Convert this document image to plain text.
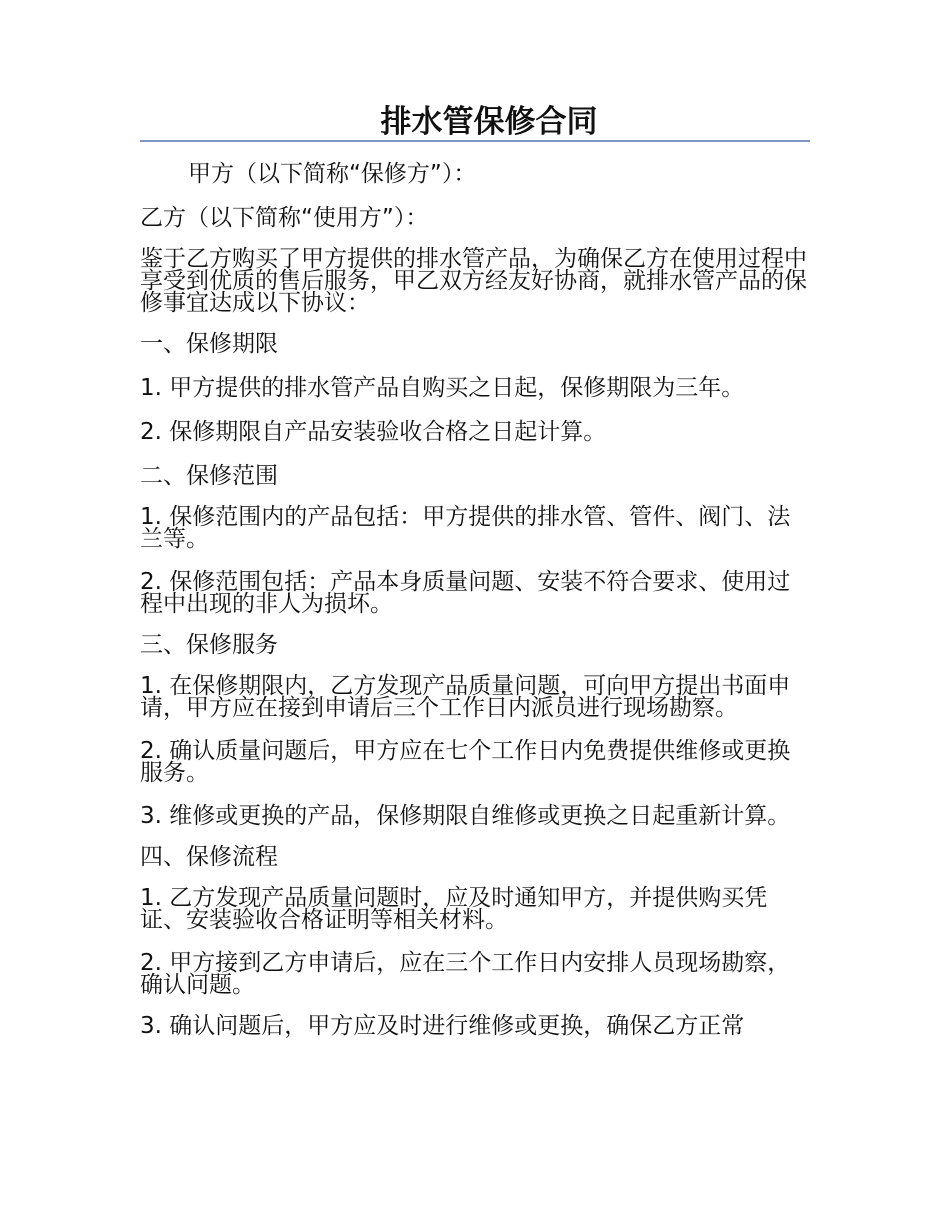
排水管保修合同
甲方（以下简称“保修方”）：
乙方（以下简称“使用方”）：
鉴于乙方购买了甲方提供的排水管产品，为确保乙方在使用过程中享受到优质的售后服务，甲乙双方经友好协商，就排水管产品的保修事宜达成以下协议：
一、保修期限
1. 甲方提供的排水管产品自购买之日起，保修期限为三年。
2. 保修期限自产品安装验收合格之日起计算。
二、保修范围
1. 保修范围内的产品包括：甲方提供的排水管、管件、阀门、法兰等。
2. 保修范围包括：产品本身质量问题、安装不符合要求、使用过程中出现的非人为损坏。
三、保修服务
1. 在保修期限内，乙方发现产品质量问题，可向甲方提出书面申请，甲方应在接到申请后三个工作日内派员进行现场勘察。
2. 确认质量问题后，甲方应在七个工作日内免费提供维修或更换服务。
3. 维修或更换的产品，保修期限自维修或更换之日起重新计算。
四、保修流程
1. 乙方发现产品质量问题时，应及时通知甲方，并提供购买凭证、安装验收合格证明等相关材料。
2. 甲方接到乙方申请后，应在三个工作日内安排人员现场勘察，确认问题。
3. 确认问题后，甲方应及时进行维修或更换，确保乙方正常
